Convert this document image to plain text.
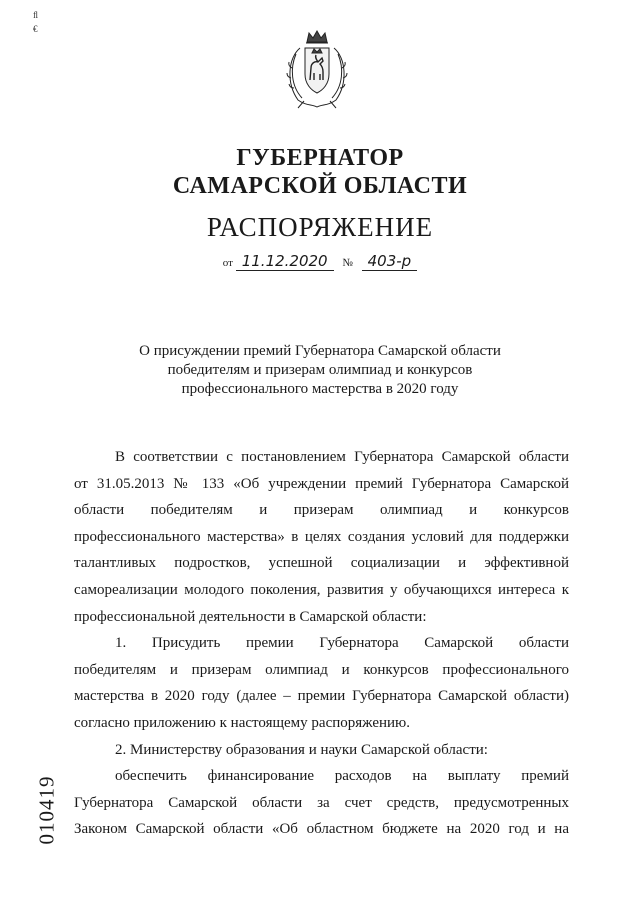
ﬂ
€
ГУБЕРНАТОР
САМАРСКОЙ ОБЛАСТИ
РАСПОРЯЖЕНИЕ
от 11.12.2020 № 403-р
О присуждении премий Губернатора Самарской области
победителям и призерам олимпиад и конкурсов
профессионального мастерства в 2020 году

В соответствии с постановлением Губернатора Самарской области

от 31.05.2013 № 133 «Об учреждении премий Губернатора Самарской

области победителям и призерам олимпиад и конкурсов

профессионального мастерства» в целях создания условий для поддержки

талантливых подростков, успешной социализации и эффективной

самореализации молодого поколения, развития у обучающихся интереса к

профессиональной деятельности в Самарской области:

1. Присудить премии Губернатора Самарской области

победителям и призерам олимпиад и конкурсов профессионального

мастерства в 2020 году (далее – премии Губернатора Самарской области)

согласно приложению к настоящему распоряжению.

2. Министерству образования и науки Самарской области:

обеспечить финансирование расходов на выплату премий

Губернатора Самарской области за счет средств, предусмотренных

Законом Самарской области «Об областном бюджете на 2020 год и на

010419
